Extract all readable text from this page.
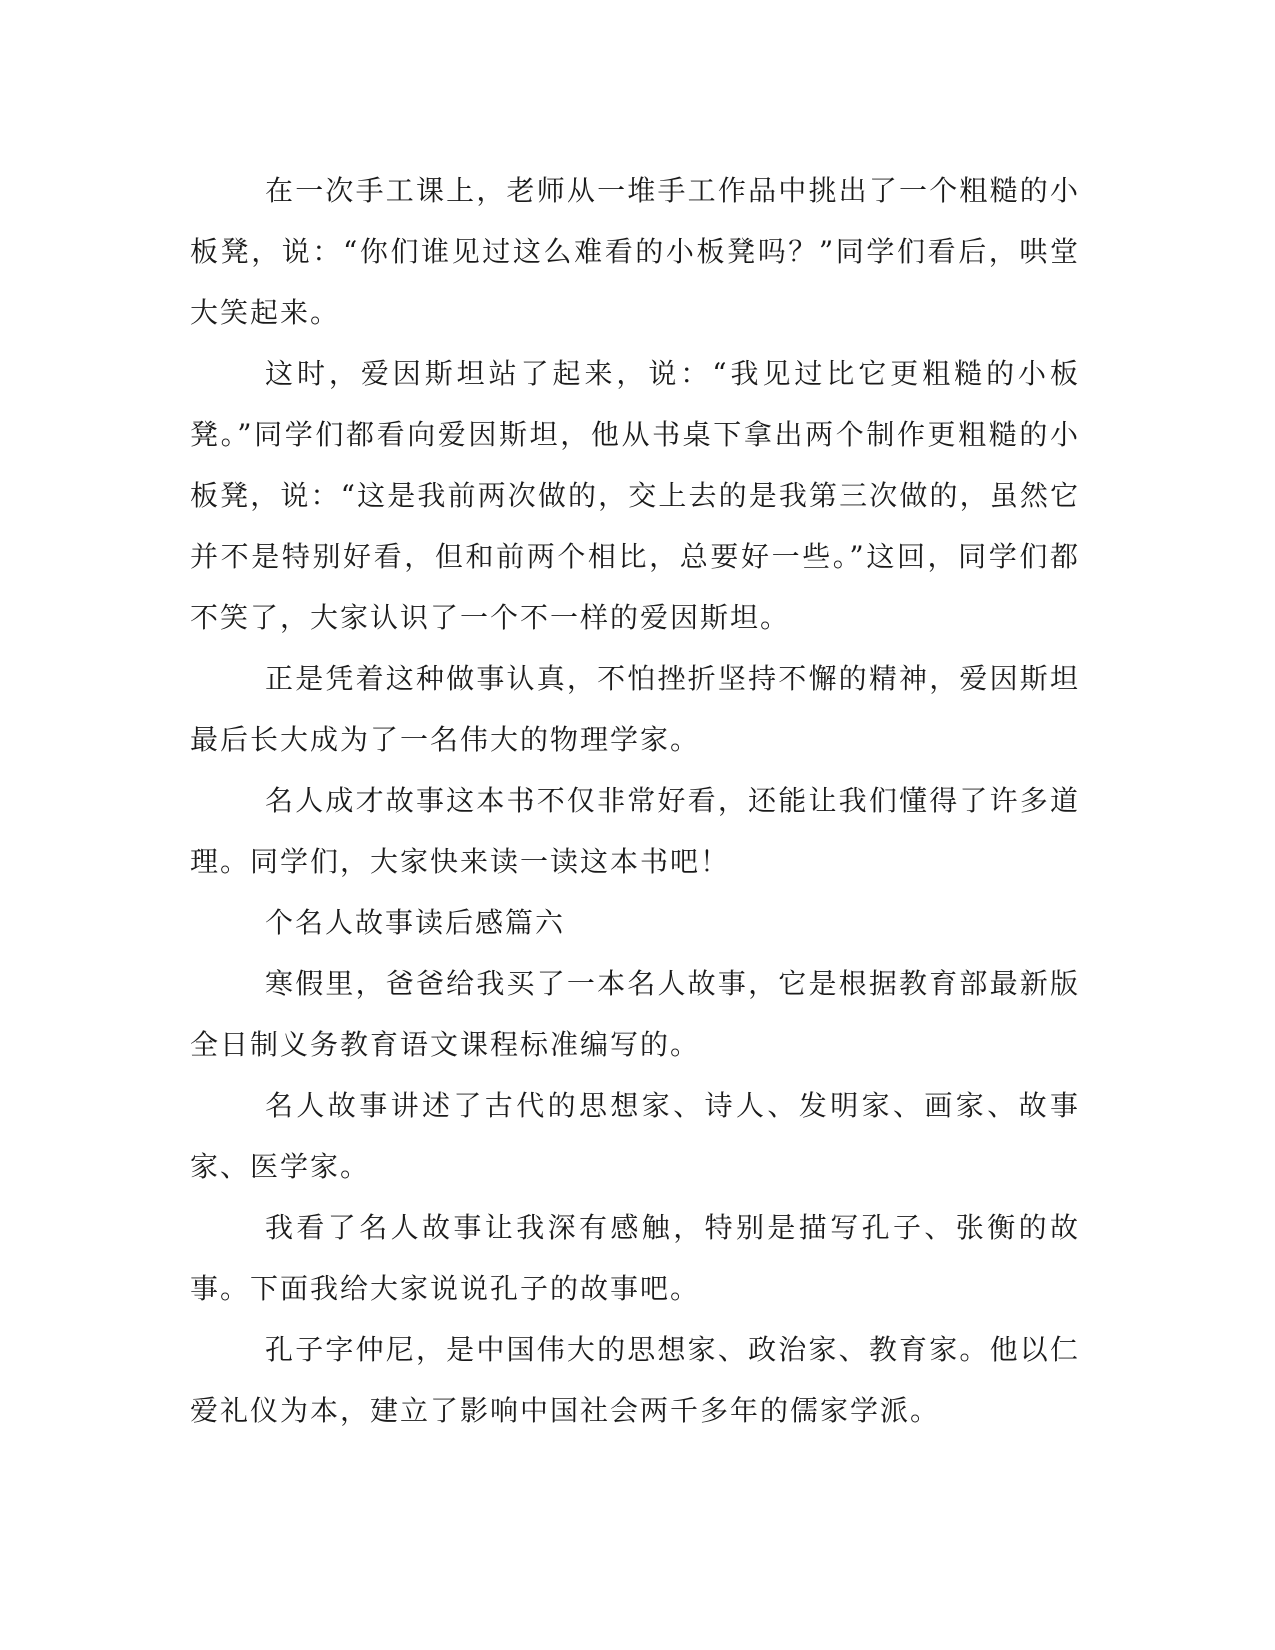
在一次手工课上，老师从一堆手工作品中挑出了一个粗糙的小板凳，说：“你们谁见过这么难看的小板凳吗？”同学们看后，哄堂大笑起来。

这时，爱因斯坦站了起来，说：“我见过比它更粗糙的小板凳。”同学们都看向爱因斯坦，他从书桌下拿出两个制作更粗糙的小板凳，说：“这是我前两次做的，交上去的是我第三次做的，虽然它并不是特别好看，但和前两个相比，总要好一些。”这回，同学们都不笑了，大家认识了一个不一样的爱因斯坦。

正是凭着这种做事认真，不怕挫折坚持不懈的精神，爱因斯坦最后长大成为了一名伟大的物理学家。

名人成才故事这本书不仅非常好看，还能让我们懂得了许多道理。同学们，大家快来读一读这本书吧！

个名人故事读后感篇六

寒假里，爸爸给我买了一本名人故事，它是根据教育部最新版全日制义务教育语文课程标准编写的。

名人故事讲述了古代的思想家、诗人、发明家、画家、故事家、医学家。

我看了名人故事让我深有感触，特别是描写孔子、张衡的故事。下面我给大家说说孔子的故事吧。

孔子字仲尼，是中国伟大的思想家、政治家、教育家。他以仁爱礼仪为本，建立了影响中国社会两千多年的儒家学派。
